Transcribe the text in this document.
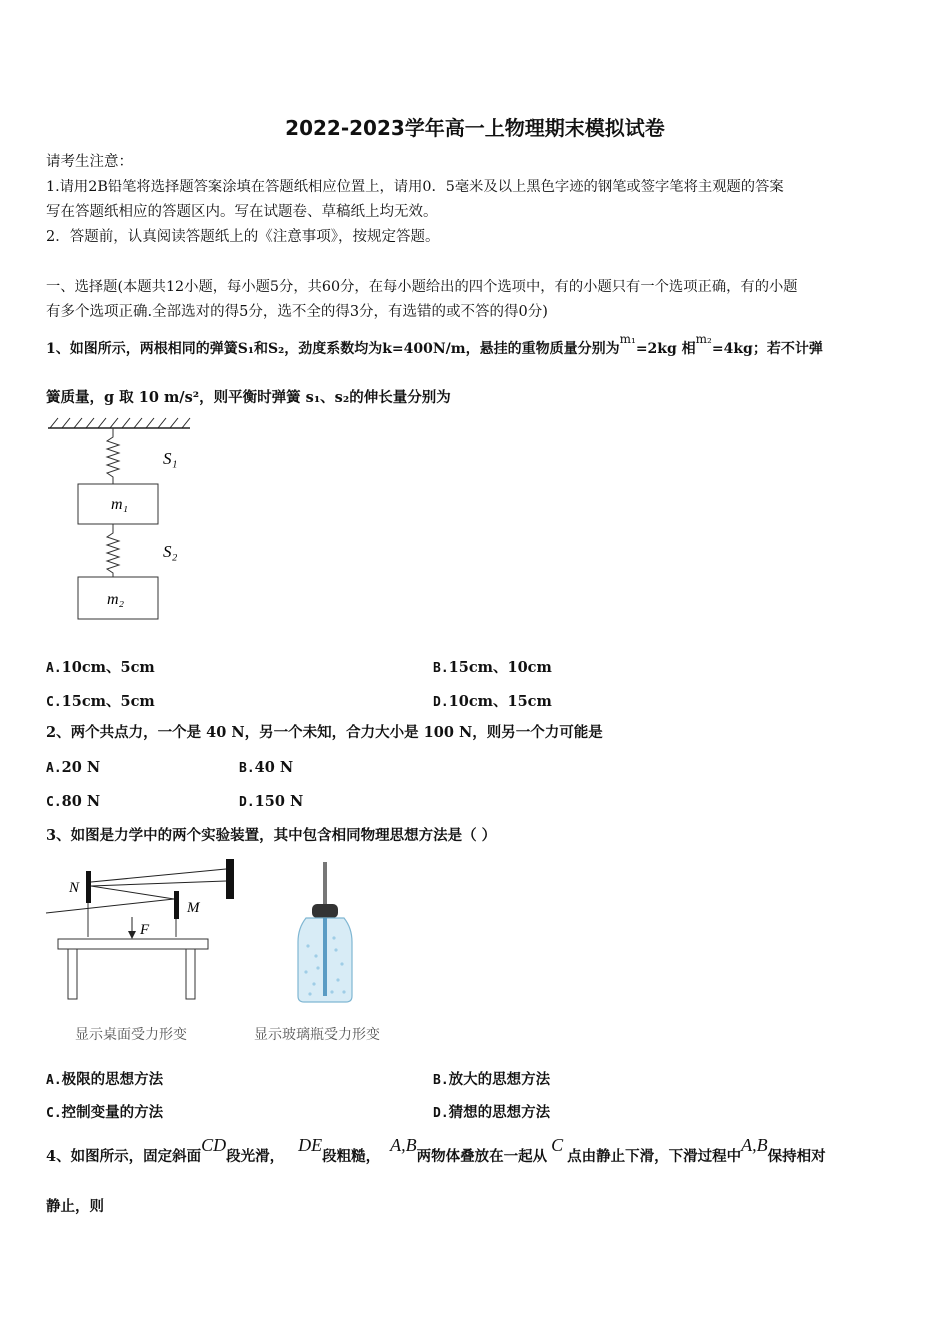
2022-2023学年高一上物理期末模拟试卷
请考生注意：
1.请用2B铅笔将选择题答案涂填在答题纸相应位置上，请用0．5毫米及以上黑色字迹的钢笔或签字笔将主观题的答案
写在答题纸相应的答题区内。写在试题卷、草稿纸上均无效。
2．答题前，认真阅读答题纸上的《注意事项》，按规定答题。
一、选择题(本题共12小题，每小题5分，共60分，在每小题给出的四个选项中，有的小题只有一个选项正确，有的小题
有多个选项正确.全部选对的得5分，选不全的得3分，有选错的或不答的得0分)
1、如图所示，两根相同的弹簧S₁和S₂，劲度系数均为k=400N/m，悬挂的重物质量分别为m₁=2kg 相m₂=4kg；若不计弹
簧质量，g 取 10 m/s²，则平衡时弹簧 s₁、s₂的伸长量分别为
S₁
S₂
m₁
m₂
A.10cm、5cm	B.15cm、10cm
C.15cm、5cm	D.10cm、15cm
2、两个共点力，一个是 40 N，另一个未知，合力大小是 100 N，则另一个力可能是
A.20 N	B.40 N
C.80 N	D.150 N
3、如图是力学中的两个实验装置，其中包含相同物理思想方法是（ ）
N
M
F
显示桌面受力形变	显示玻璃瓶受力形变
A.极限的思想方法	B.放大的思想方法
C.控制变量的方法	D.猜想的思想方法
4、如图所示，固定斜面CD段光滑，DE段粗糙，A,B两物体叠放在一起从C点由静止下滑，下滑过程中A,B保持相对
静止，则
